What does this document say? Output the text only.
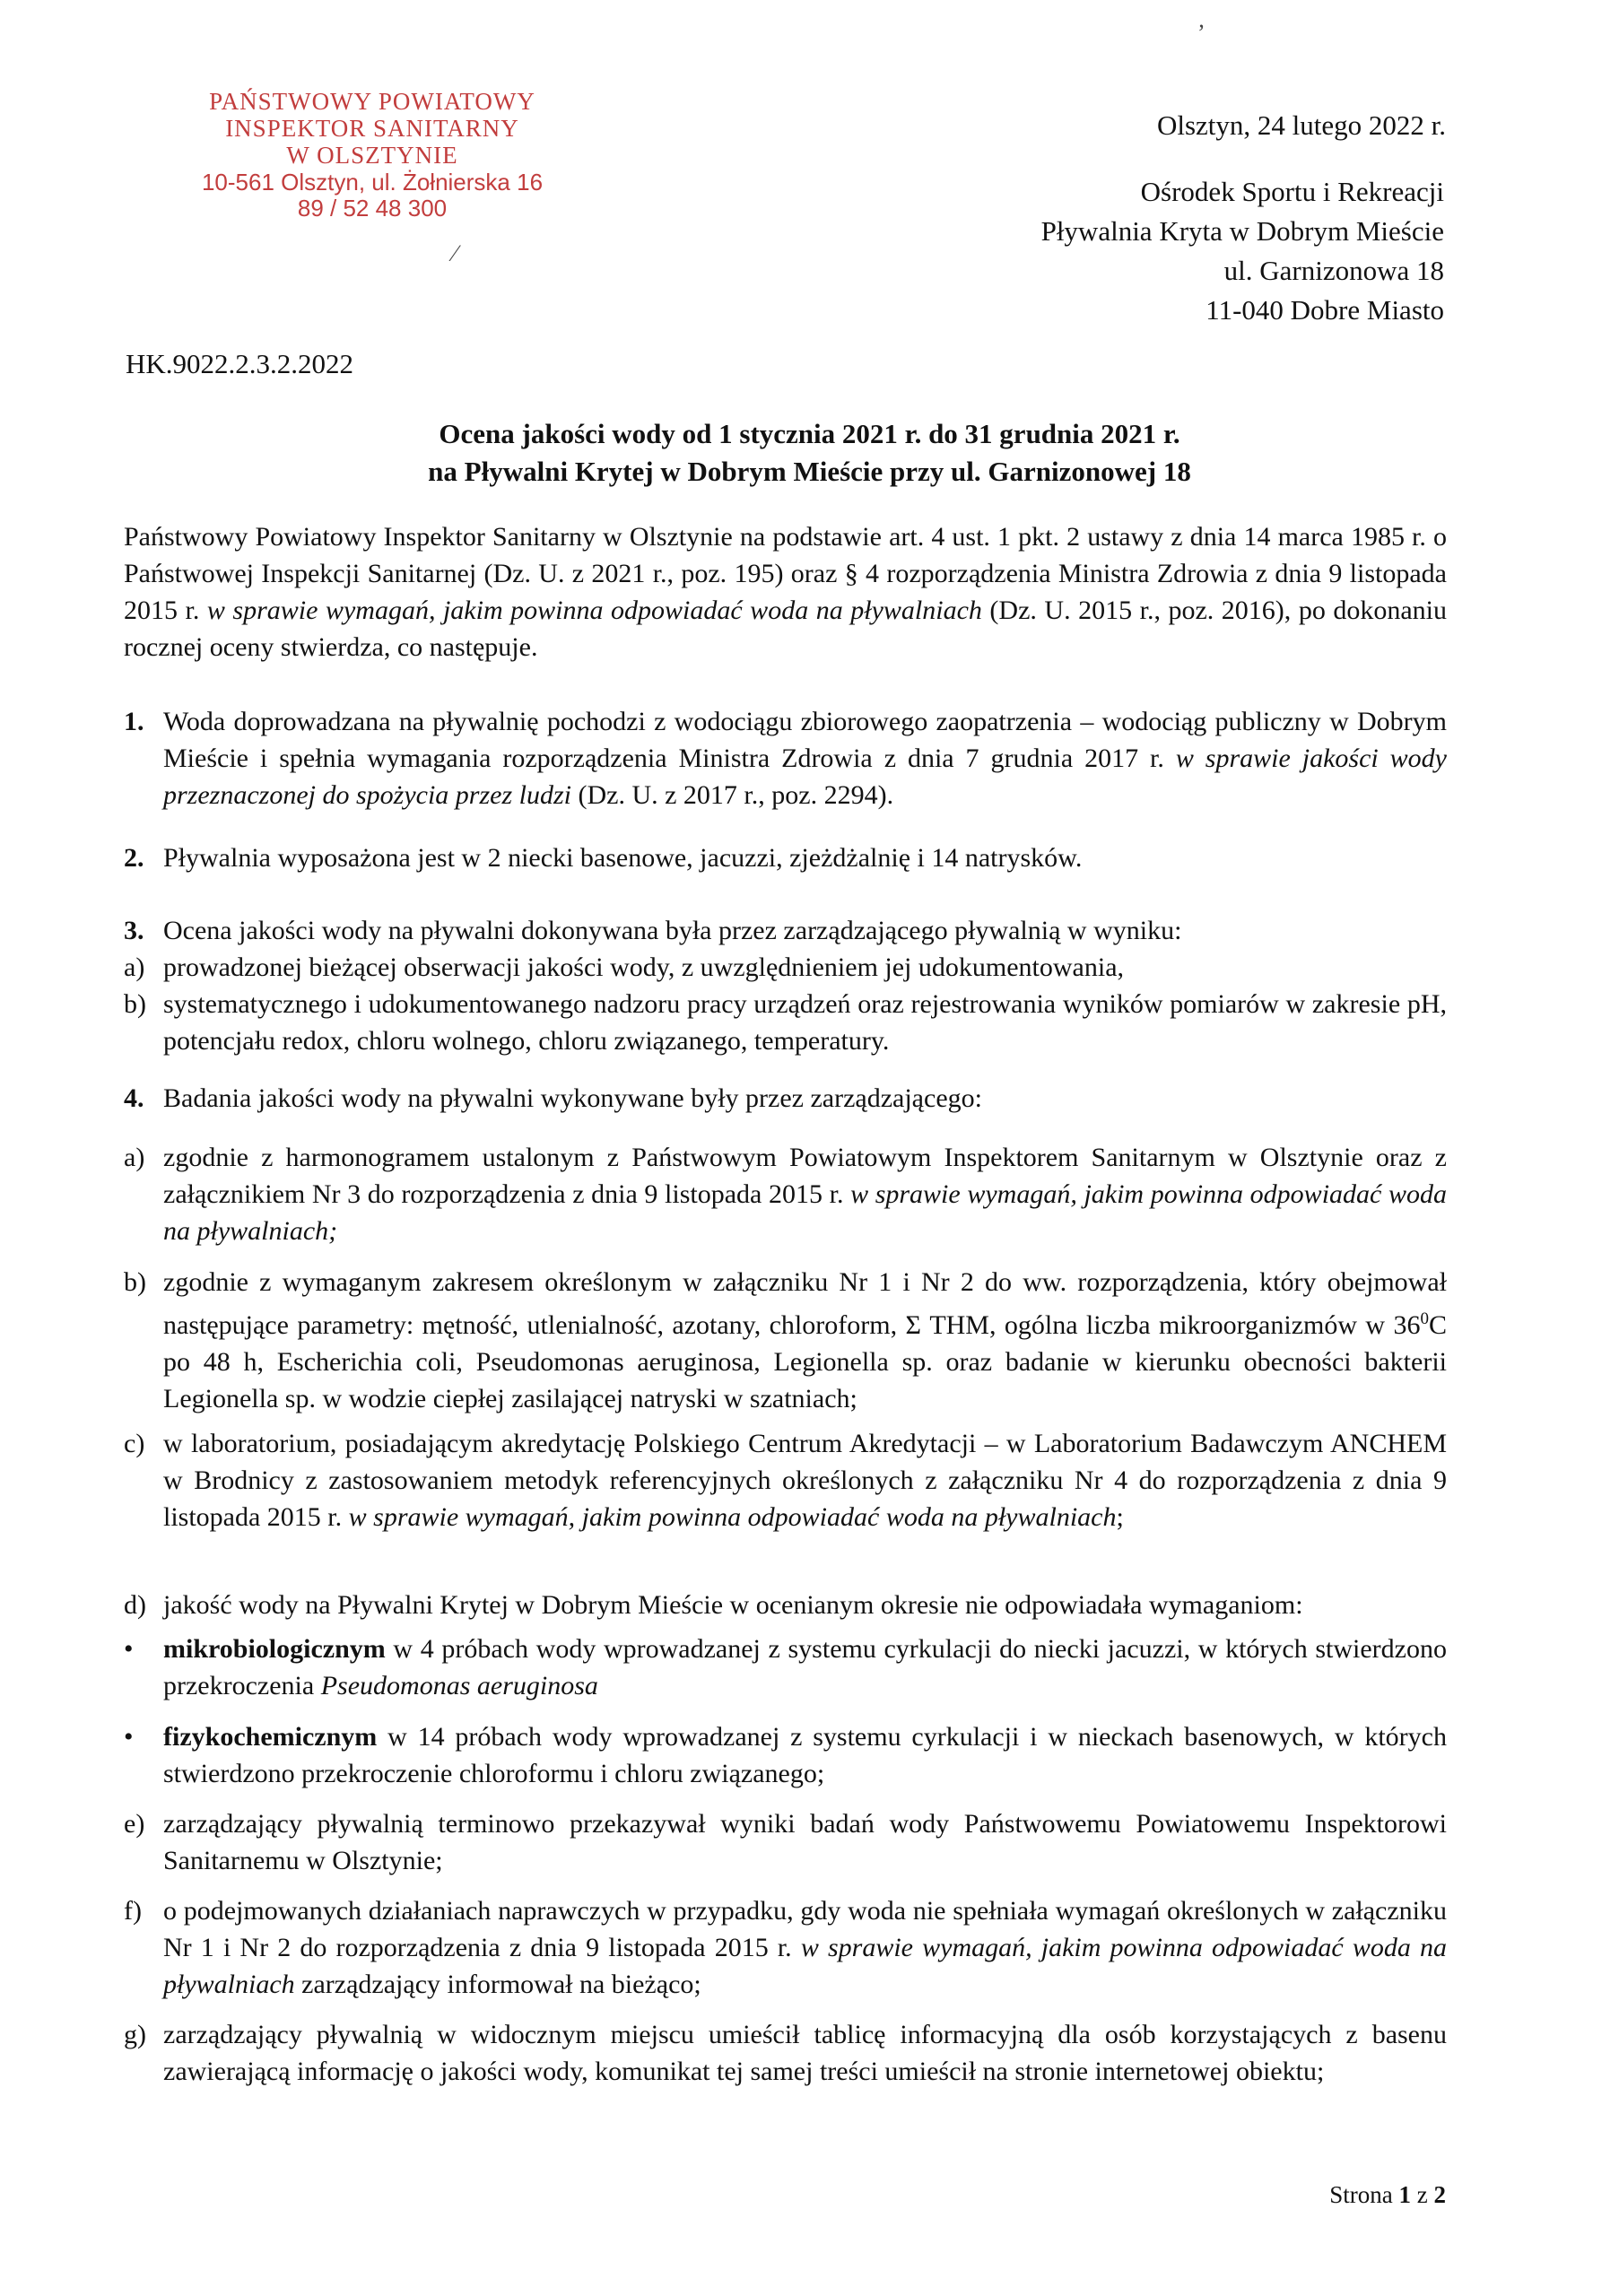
PAŃSTWOWY POWIATOWY
INSPEKTOR SANITARNY
W OLSZTYNIE
10-561 Olsztyn, ul. Żołnierska 16
89 / 52 48 300
’
⁄
Olsztyn, 24 lutego 2022 r.
Ośrodek Sportu i Rekreacji
Pływalnia Kryta w Dobrym Mieście
ul. Garnizonowa 18
11-040 Dobre Miasto
HK.9022.2.3.2.2022
Ocena jakości wody od 1 stycznia 2021 r. do 31 grudnia 2021 r.
na Pływalni Krytej w Dobrym Mieście przy ul. Garnizonowej 18
Państwowy Powiatowy Inspektor Sanitarny w Olsztynie na podstawie art. 4 ust. 1 pkt. 2 ustawy z dnia 14 marca 1985 r. o Państwowej Inspekcji Sanitarnej (Dz. U. z 2021 r., poz. 195) oraz § 4 rozporządzenia Ministra Zdrowia z dnia 9 listopada 2015 r. w sprawie wymagań, jakim powinna odpowiadać woda na pływalniach (Dz. U. 2015 r., poz. 2016), po dokonaniu rocznej oceny stwierdza, co następuje.
1. Woda doprowadzana na pływalnię pochodzi z wodociągu zbiorowego zaopatrzenia – wodociąg publiczny w Dobrym Mieście i spełnia wymagania rozporządzenia Ministra Zdrowia z dnia 7 grudnia 2017 r. w sprawie jakości wody przeznaczonej do spożycia przez ludzi (Dz. U. z 2017 r., poz. 2294).
2. Pływalnia wyposażona jest w 2 niecki basenowe, jacuzzi, zjeżdżalnię i 14 natrysków.
3. Ocena jakości wody na pływalni dokonywana była przez zarządzającego pływalnią w wyniku:
a) prowadzonej bieżącej obserwacji jakości wody, z uwzględnieniem jej udokumentowania,
b) systematycznego i udokumentowanego nadzoru pracy urządzeń oraz rejestrowania wyników pomiarów w zakresie pH, potencjału redox, chloru wolnego, chloru związanego, temperatury.
4. Badania jakości wody na pływalni wykonywane były przez zarządzającego:
a) zgodnie z harmonogramem ustalonym z Państwowym Powiatowym Inspektorem Sanitarnym w Olsztynie oraz z załącznikiem Nr 3 do rozporządzenia z dnia 9 listopada 2015 r. w sprawie wymagań, jakim powinna odpowiadać woda na pływalniach;
b) zgodnie z wymaganym zakresem określonym w załączniku Nr 1 i Nr 2 do ww. rozporządzenia, który obejmował następujące parametry: mętność, utlenialność, azotany, chloroform, Σ THM, ogólna liczba mikroorganizmów w $36^0C$ po 48 h, Escherichia coli, Pseudomonas aeruginosa, Legionella sp. oraz badanie w kierunku obecności bakterii Legionella sp. w wodzie ciepłej zasilającej natryski w szatniach;
c) w laboratorium, posiadającym akredytację Polskiego Centrum Akredytacji – w Laboratorium Badawczym ANCHEM w Brodnicy z zastosowaniem metodyk referencyjnych określonych z załączniku Nr 4 do rozporządzenia z dnia 9 listopada 2015 r. w sprawie wymagań, jakim powinna odpowiadać woda na pływalniach;
d) jakość wody na Pływalni Krytej w Dobrym Mieście w ocenianym okresie nie odpowiadała wymaganiom:
• mikrobiologicznym w 4 próbach wody wprowadzanej z systemu cyrkulacji do niecki jacuzzi, w których stwierdzono przekroczenia Pseudomonas aeruginosa
• fizykochemicznym w 14 próbach wody wprowadzanej z systemu cyrkulacji i w nieckach basenowych, w których stwierdzono przekroczenie chloroformu i chloru związanego;
e) zarządzający pływalnią terminowo przekazywał wyniki badań wody Państwowemu Powiatowemu Inspektorowi Sanitarnemu w Olsztynie;
f) o podejmowanych działaniach naprawczych w przypadku, gdy woda nie spełniała wymagań określonych w załączniku Nr 1 i Nr 2 do rozporządzenia z dnia 9 listopada 2015 r. w sprawie wymagań, jakim powinna odpowiadać woda na pływalniach zarządzający informował na bieżąco;
g) zarządzający pływalnią w widocznym miejscu umieścił tablicę informacyjną dla osób korzystających z basenu zawierającą informację o jakości wody, komunikat tej samej treści umieścił na stronie internetowej obiektu;
Strona 1 z 2
